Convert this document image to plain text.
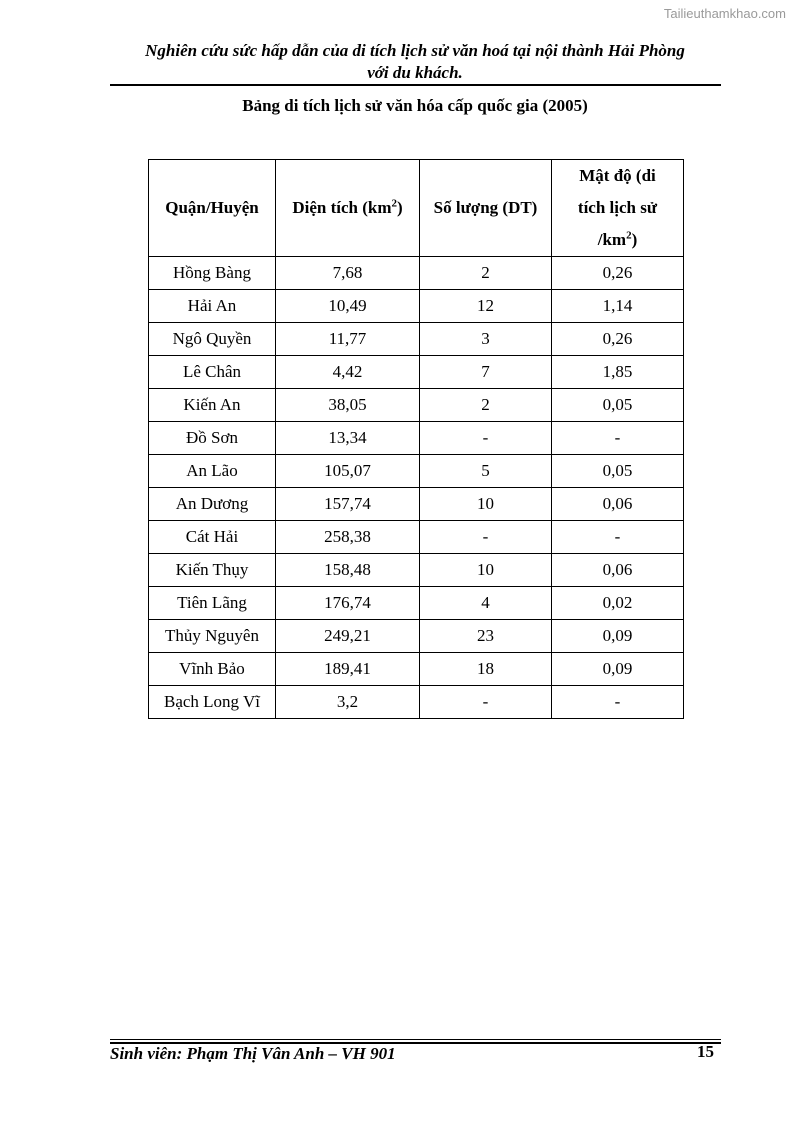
Tailieuthamkhao.com
Nghiên cứu sức hấp dẫn của di tích lịch sử văn hoá tại nội thành Hải Phòng
với du khách.
Bảng di tích lịch sử văn hóa cấp quốc gia (2005)
Quận/Huyện	Diện tích $(km^2)$	Số lượng (DT)	Mật độ (di
tích lịch sử
$/km^2$)

Hồng Bàng	7,68	2	0,26
Hải An	10,49	12	1,14
Ngô Quyền	11,77	3	0,26
Lê Chân	4,42	7	1,85
Kiến An	38,05	2	0,05
Đồ Sơn	13,34	-	-
An Lão	105,07	5	0,05
An Dương	157,74	10	0,06
Cát Hải	258,38	-	-
Kiến Thụy	158,48	10	0,06
Tiên Lãng	176,74	4	0,02
Thủy Nguyên	249,21	23	0,09
Vĩnh Bảo	189,41	18	0,09
Bạch Long Vĩ	3,2	-	-
Sinh viên: Phạm Thị Vân Anh – VH 901	15
